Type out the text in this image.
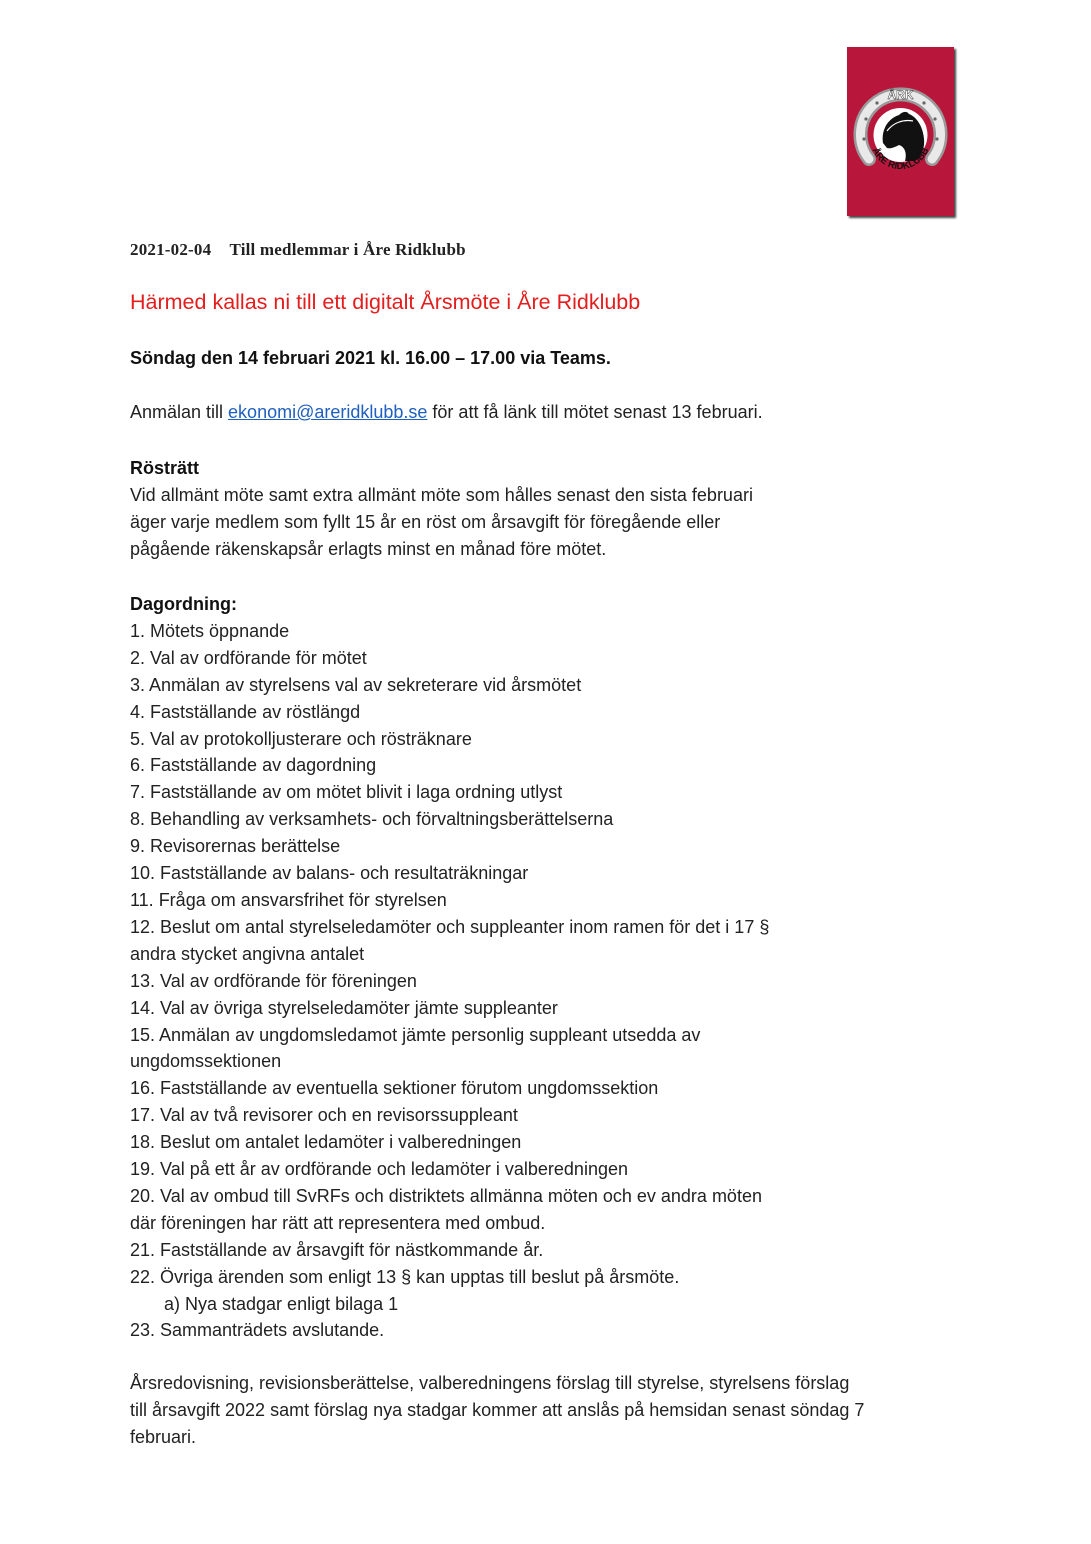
ÅRK
ÅRE RIDKLUBB
2021-02-04 Till medlemmar i Åre Ridklubb
Härmed kallas ni till ett digitalt Årsmöte i Åre Ridklubb
Söndag den 14 februari 2021 kl. 16.00 – 17.00 via Teams.
Anmälan till ekonomi@areridklubb.se för att få länk till mötet senast 13 februari.

Rösträtt

Vid allmänt möte samt extra allmänt möte som hålles senast den sista februari

äger varje medlem som fyllt 15 år en röst om årsavgift för föregående eller

pågående räkenskapsår erlagts minst en månad före mötet.

Dagordning:

1. Mötets öppnande
2. Val av ordförande för mötet
3. Anmälan av styrelsens val av sekreterare vid årsmötet
4. Fastställande av röstlängd
5. Val av protokolljusterare och rösträknare
6. Fastställande av dagordning
7. Fastställande av om mötet blivit i laga ordning utlyst
8. Behandling av verksamhets- och förvaltningsberättelserna
9. Revisorernas berättelse
10. Fastställande av balans- och resultaträkningar
11. Fråga om ansvarsfrihet för styrelsen
12. Beslut om antal styrelseledamöter och suppleanter inom ramen för det i 17 §
andra stycket angivna antalet
13. Val av ordförande för föreningen
14. Val av övriga styrelseledamöter jämte suppleanter
15. Anmälan av ungdomsledamot jämte personlig suppleant utsedda av
ungdomssektionen
16. Fastställande av eventuella sektioner förutom ungdomssektion
17. Val av två revisorer och en revisorssuppleant
18. Beslut om antalet ledamöter i valberedningen
19. Val på ett år av ordförande och ledamöter i valberedningen
20. Val av ombud till SvRFs och distriktets allmänna möten och ev andra möten
där föreningen har rätt att representera med ombud.
21. Fastställande av årsavgift för nästkommande år.
22. Övriga ärenden som enligt 13 § kan upptas till beslut på årsmöte.
a) Nya stadgar enligt bilaga 1
23. Sammanträdets avslutande.

Årsredovisning, revisionsberättelse, valberedningens förslag till styrelse, styrelsens förslag

till årsavgift 2022 samt förslag nya stadgar kommer att anslås på hemsidan senast söndag 7

februari.
